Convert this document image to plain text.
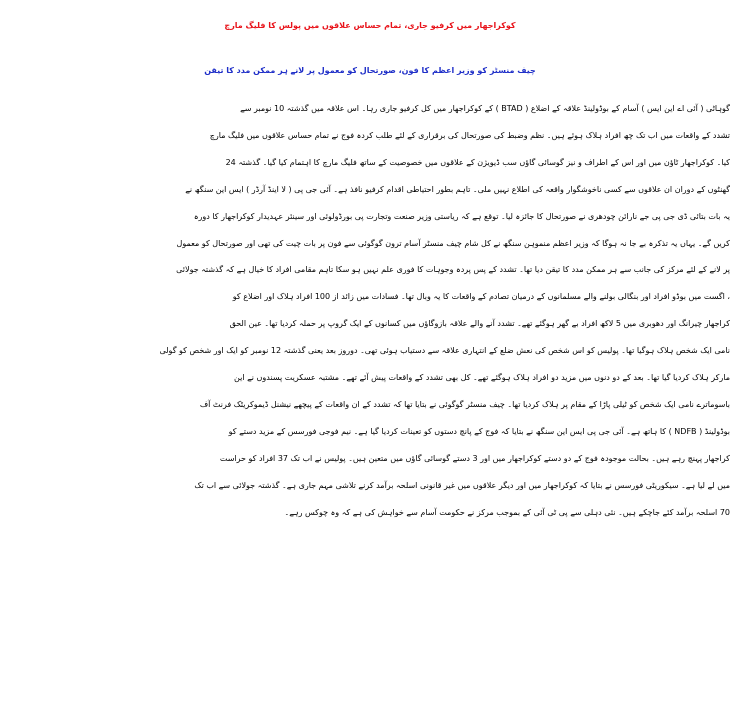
کوکراجھار میں کرفیو جاری، تمام حساس علاقوں میں پولس کا فلیگ مارچ
چیف منسٹر کو وزیر اعظم کا فون، صورتحال کو معمول پر لانے ہر ممکن مدد کا تیقن
گوہاٹی ( آئی اے این ایس ) آسام کے بوڈولینڈ علاقہ کے اضلاع ( BTAD ) کے کوکراجھار میں کل کرفیو جاری رہا۔ اس علاقہ میں گذشتہ 10 نومبر سے
تشدد کے واقعات میں اب تک چھ افراد ہلاک ہوئے ہیں۔ نظم وضبط کی صورتحال کی برقراری کے لئے طلب کردہ فوج نے تمام حساس علاقوں میں فلیگ مارچ
کیا۔ کوکراجھار ٹاؤن میں اور اس کے اطراف و نیز گوسائی گاؤں سب ڈیویژن کے علاقوں میں خصوصیت کے ساتھ فلیگ مارچ کا اہتمام کیا گیا۔ گذشتہ 24
گھنٹوں کے دوران ان علاقوں سے کسی ناخوشگوار واقعہ کی اطلاع نہیں ملی۔ تاہم بطور احتیاطی اقدام کرفیو نافذ ہے۔ آئی جی پی ( لا اینڈ آرڈر ) ایس این سنگھ نے
یہ بات بتائی ڈی جی پی جے نارائن چودھری نے صورتحال کا جائزہ لیا۔ توقع ہے کہ ریاستی وزیر صنعت وتجارت پی بورڈولوئی اور سینئر عہدیدار کوکراجھار کا دورہ
کریں گے۔ یہاں یہ تذکرہ بے جا نہ ہوگا کہ وزیر اعظم منموہن سنگھ نے کل شام چیف منسٹر آسام ترون گوگوئی سے فون پر بات چیت کی تھی اور صورتحال کو معمول
پر لانے کے لئے مرکز کی جانب سے ہر ممکن مدد کا تیقن دیا تھا۔ تشدد کے پس پردہ وجوہات کا فوری علم نہیں ہو سکا تاہم مقامی افراد کا خیال ہے کہ گذشتہ جولائی
، اگست میں بوڈو افراد اور بنگالی بولنے والے مسلمانوں کے درمیان تصادم کے واقعات کا یہ وبال تھا۔ فسادات میں زائد از 100 افراد ہلاک اور اضلاع کو
کراجھار چیرانگ اور دھوبری میں 5 لاکھ افراد بے گھر ہوگئے تھے۔ تشدد آنے والے علاقہ بازوگاؤں میں کسانوں کے ایک گروپ پر حملہ کردیا تھا۔ عین الحق
نامی ایک شخص ہلاک ہوگیا تھا۔ پولیس کو اس شخص کی نعش ضلع کے انتہاری علاقہ سے دستیاب ہوئی تھی۔ دوروز بعد یعنی گذشتہ 12 نومبر کو ایک اور شخص کو گولی
مارکر ہلاک کردیا گیا تھا۔ بعد کے دو دنوں میں مزید دو افراد ہلاک ہوگئے تھے۔ کل بھی تشدد کے واقعات پیش آئے تھے۔ مشتبہ عسکریت پسندوں نے این
باسوماترے نامی ایک شخص کو ٹیلی پاڑا کے مقام پر ہلاک کردیا تھا۔ چیف منسٹر گوگوئی نے بتایا تھا کہ تشدد کے ان واقعات کے پیچھے نیشنل ڈیموکریٹک فرنٹ آف
بوڈولینڈ ( NDFB ) کا ہاتھ ہے۔ آئی جی پی ایس این سنگھ نے بتایا کہ فوج کے پانچ دستوں کو تعینات کردیا گیا ہے۔ نیم فوجی فورسس کے مزید دستے کو
کراجھار پہنچ رہے ہیں۔ بحالت موجودہ فوج کے دو دستے کوکراجھار میں اور 3 دستے گوسائی گاؤں میں متعین ہیں۔ پولیس نے اب تک 37 افراد کو حراست
میں لے لیا ہے۔ سیکوریٹی فورسس نے بتایا کہ کوکراجھار میں اور دیگر علاقوں میں غیر قانونی اسلحہ برآمد کرنے تلاشی مہم جاری ہے۔ گذشتہ جولائی سے اب تک
70 اسلحہ برآمد کئے جاچکے ہیں۔ نئی دہلی سے پی ٹی آئی کے بموجب مرکز نے حکومت آسام سے خواہش کی ہے کہ وہ چوکس رہے۔
